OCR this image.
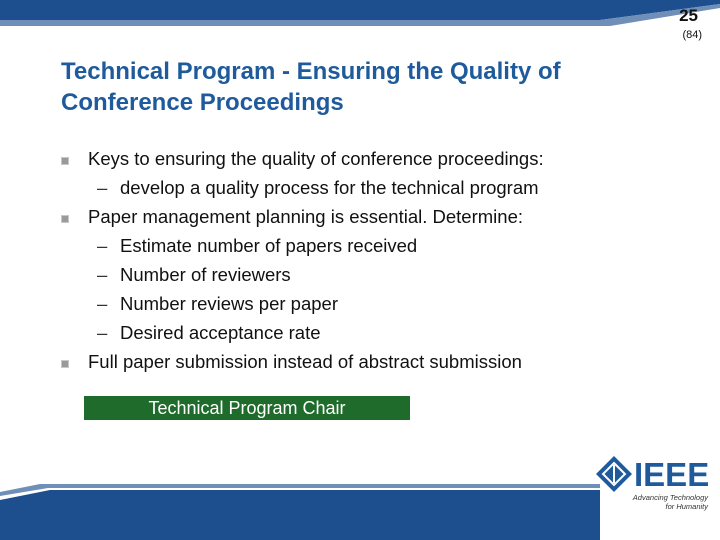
25
(84)
Technical Program - Ensuring the Quality of Conference Proceedings
Keys to ensuring the quality of conference proceedings:
– develop a quality process for the technical program
Paper management planning is essential. Determine:
– Estimate number of papers received
– Number of reviewers
– Number reviews per paper
– Desired acceptance rate
Full paper submission instead of abstract submission
Technical Program Chair
IEEE
Advancing Technology
for Humanity
